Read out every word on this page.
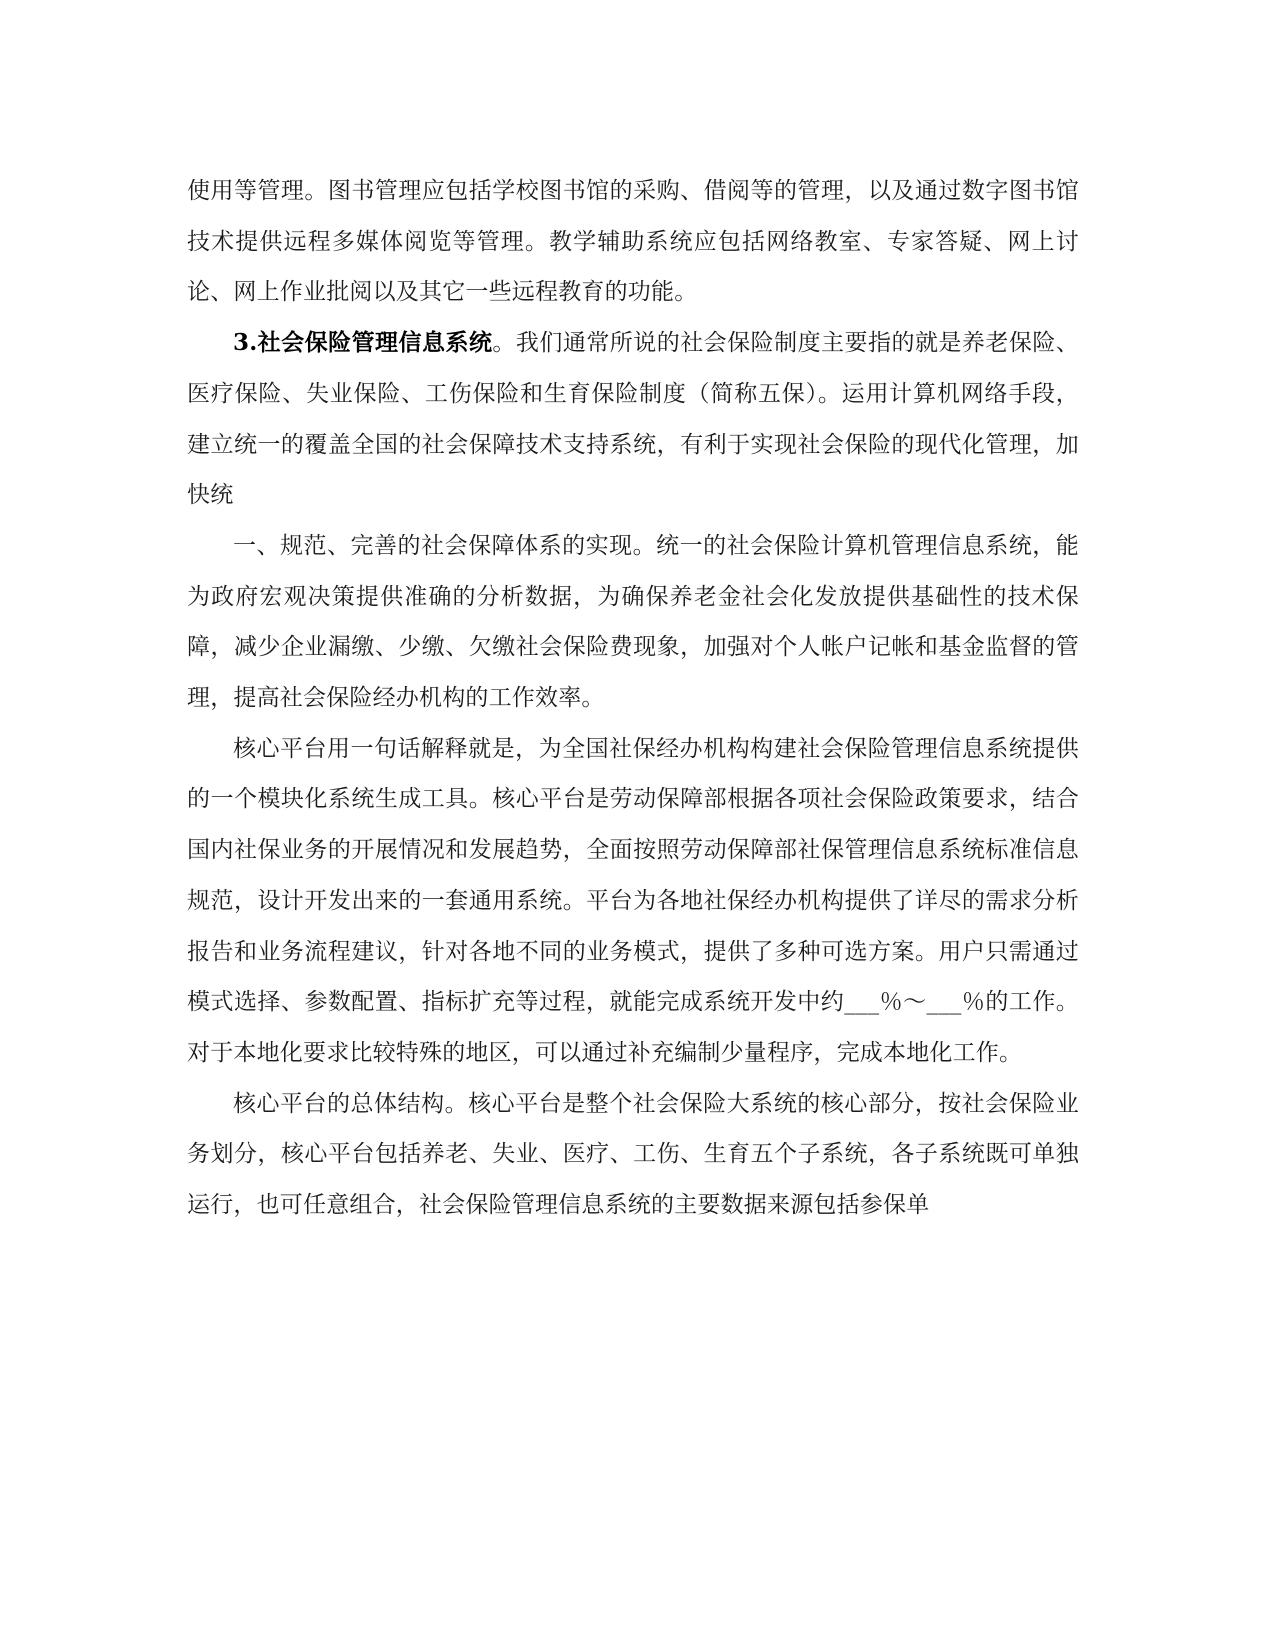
使用等管理。图书管理应包括学校图书馆的采购、借阅等的管理，以及通过数字图书馆技术提供远程多媒体阅览等管理。教学辅助系统应包括网络教室、专家答疑、网上讨论、网上作业批阅以及其它一些远程教育的功能。

3.社会保险管理信息系统。我们通常所说的社会保险制度主要指的就是养老保险、医疗保险、失业保险、工伤保险和生育保险制度（简称五保）。运用计算机网络手段，建立统一的覆盖全国的社会保障技术支持系统，有利于实现社会保险的现代化管理，加快统

一、规范、完善的社会保障体系的实现。统一的社会保险计算机管理信息系统，能为政府宏观决策提供准确的分析数据，为确保养老金社会化发放提供基础性的技术保障，减少企业漏缴、少缴、欠缴社会保险费现象，加强对个人帐户记帐和基金监督的管理，提高社会保险经办机构的工作效率。

核心平台用一句话解释就是，为全国社保经办机构构建社会保险管理信息系统提供的一个模块化系统生成工具。核心平台是劳动保障部根据各项社会保险政策要求，结合国内社保业务的开展情况和发展趋势，全面按照劳动保障部社保管理信息系统标准信息规范，设计开发出来的一套通用系统。平台为各地社保经办机构提供了详尽的需求分析报告和业务流程建议，针对各地不同的业务模式，提供了多种可选方案。用户只需通过模式选择、参数配置、指标扩充等过程，就能完成系统开发中约___％～___％的工作。对于本地化要求比较特殊的地区，可以通过补充编制少量程序，完成本地化工作。

核心平台的总体结构。核心平台是整个社会保险大系统的核心部分，按社会保险业务划分，核心平台包括养老、失业、医疗、工伤、生育五个子系统，各子系统既可单独运行，也可任意组合，社会保险管理信息系统的主要数据来源包括参保单
